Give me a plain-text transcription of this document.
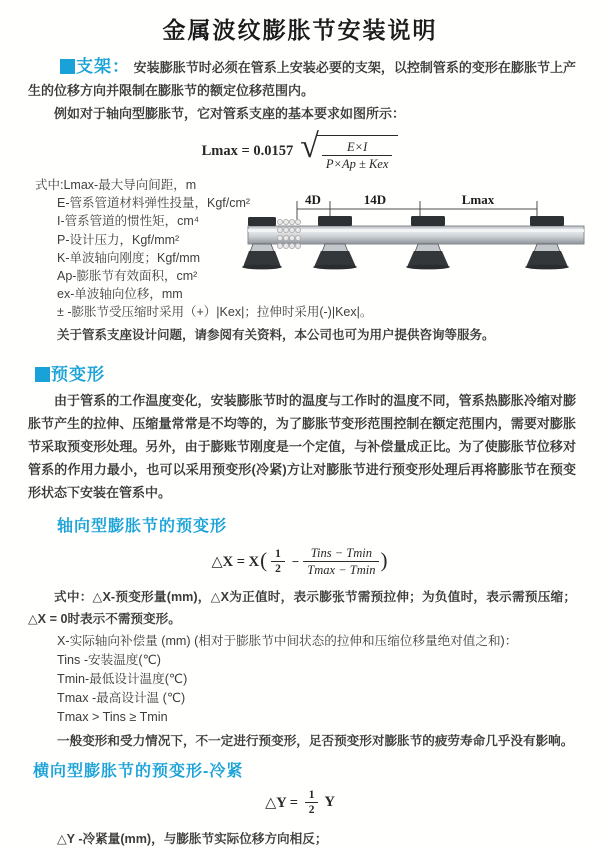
金属波纹膨胀节安装说明

支架： 安装膨胀节时必须在管系上安装必要的支架，以控制管系的变形在膨胀节上产生的位移方向并限制在膨胀节的额定位移范围内。

例如对于轴向型膨胀节，它对管系支座的基本要求如图所示：

Lmax = 0.0157 √ $\frac{E\times I}{\text{P×Ap ± Kex}}$
式中:Lmax-最大导向间距，m
E-管系管道材料弹性投量，Kgf/cm²
I-管系管道的惯性矩，cm⁴
P-设计压力，Kgf/mm²
K-单波轴向刚度；Kgf/mm
Ap-膨胀节有效面积，cm²
ex-单波轴向位移，mm
± -膨胀节受压缩时采用（+）|Kex|；拉伸时采用(-)|Kex|。
4D	14D	Lmax

关于管系支座设计问题，请参阅有关资料，本公司也可为用户提供咨询等服务。

预变形

由于管系的工作温度变化，安装膨胀节时的温度与工作时的温度不同，管系热膨胀冷缩对膨胀节产生的拉伸、压缩量常常是不均等的，为了膨胀节变形范围控制在额定范围内，需要对膨胀节采取预变形处理。另外，由于膨账节刚度是一个定值，与补偿量成正比。为了使膨胀节位移对管系的作用力最小，也可以采用预变形(冷紧)方让对膨胀节进行预变形处理后再将膨胀节在预变形状态下安装在管系中。

轴向型膨胀节的预变形
△X = X ( $\frac{1}{2} - \frac{\text{Tins − Tmin}}{Tmax - Tmin}$ )

式中：△X-预变形量(mm)，△X为正值时，表示膨张节需预拉伸；为负值时，表示需预压缩；△X = 0时表示不需预变形。

X-实际轴向补偿量 (mm) (相对于膨胀节中间状态的拉伸和压缩位移量绝对值之和)：
Tins -安装温度(℃)
Tmin-最低设计温度(℃)
Tmax -最高设计温 (℃)
Tmax > Tins ≥ Tmin
一般变形和受力情况下，不一定进行预变形，足否预变形对膨胀节的疲劳寿命几乎没有影响。
横向型膨胀节的预变形-冷紧
△Y = $\frac{1}{2}$ Y
△Y -冷紧量(mm)，与膨胀节实际位移方向相反；
